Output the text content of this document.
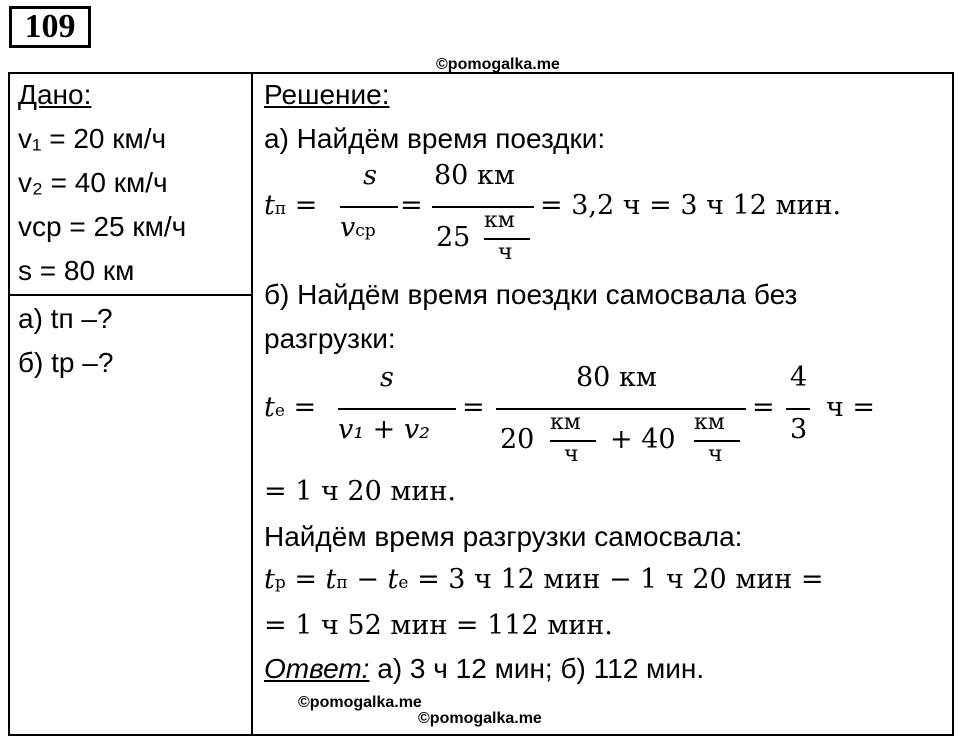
109
©pomogalka.me
Дано:
v₁ = 20 км/ч
v₂ = 40 км/ч
vср = 25 км/ч
s = 80 км
а) tп –?
б) tр –?
Решение:
а) Найдём время поездки:
tп =
s
vср
=
80 км
25
км
ч
= 3,2 ч = 3 ч 12 мин.
б) Найдём время поездки самосвала без
разгрузки:
tе =
s
v₁ + v₂
=
80 км
20
км
ч + 40
км
ч
=
4
3
ч =
= 1 ч 20 мин.
Найдём время разгрузки самосвала:
tр = tп − tе = 3 ч 12 мин − 1 ч 20 мин =
= 1 ч 52 мин = 112 мин.
Ответ: а) 3 ч 12 мин; б) 112 мин.
©pomogalka.me
©pomogalka.me
